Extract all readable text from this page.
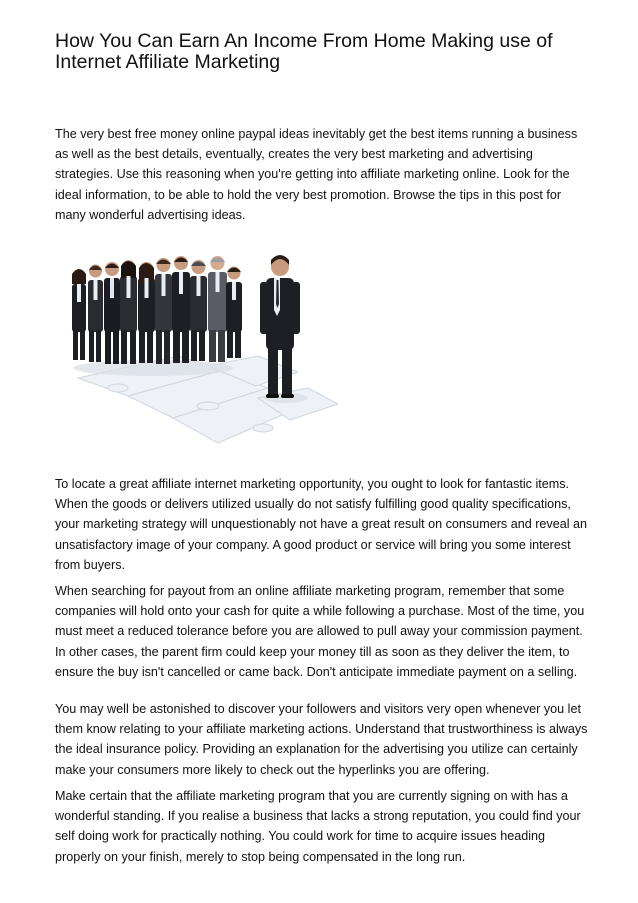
How You Can Earn An Income From Home Making use of Internet Affiliate Marketing

The very best free money online paypal ideas inevitably get the best items running a business as well as the best details, eventually, creates the very best marketing and advertising strategies. Use this reasoning when you're getting into affiliate marketing online. Look for the ideal information, to be able to hold the very best promotion. Browse the tips in this post for many wonderful advertising ideas.

To locate a great affiliate internet marketing opportunity, you ought to look for fantastic items. When the goods or delivers utilized usually do not satisfy fulfilling good quality specifications, your marketing strategy will unquestionably not have a great result on consumers and reveal an unsatisfactory image of your company. A good product or service will bring you some interest from buyers.

When searching for payout from an online affiliate marketing program, remember that some companies will hold onto your cash for quite a while following a purchase. Most of the time, you must meet a reduced tolerance before you are allowed to pull away your commission payment. In other cases, the parent firm could keep your money till as soon as they deliver the item, to ensure the buy isn't cancelled or came back. Don't anticipate immediate payment on a selling.

You may well be astonished to discover your followers and visitors very open whenever you let them know relating to your affiliate marketing actions. Understand that trustworthiness is always the ideal insurance policy. Providing an explanation for the advertising you utilize can certainly make your consumers more likely to check out the hyperlinks you are offering.

Make certain that the affiliate marketing program that you are currently signing on with has a wonderful standing. If you realise a business that lacks a strong reputation, you could find your self doing work for practically nothing. You could work for time to acquire issues heading properly on your finish, merely to stop being compensated in the long run.
